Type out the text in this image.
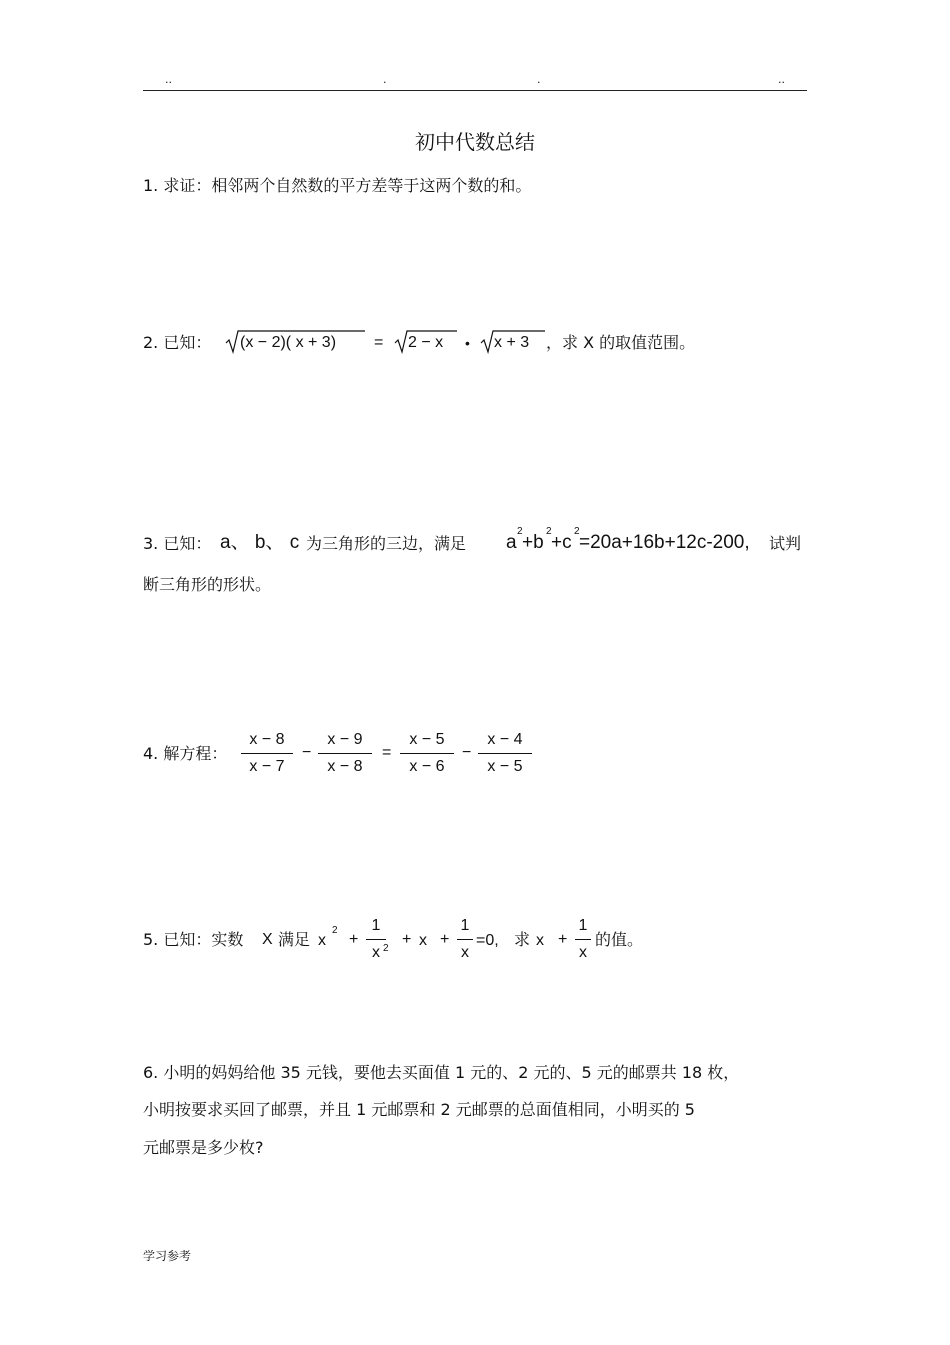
..	.	.	..
初中代数总结
1. 求证：相邻两个自然数的平方差等于这两个数的和。
2. 已知： (x − 2)( x + 3) = 2 − x • x + 3 ，求 X 的取值范围。
3. 已知： a、 b、 c 为三角形的三边，满足 a
2
+b
2
+c
2
=20a+16b+12c-200, 试判
断三角形的形状。
4. 解方程：
x − 8
x − 7
−
x − 9
x − 8
=
x − 5
x − 6
−
x − 4
x − 5
5. 已知：实数 X 满足 x
2
+
1
x 2
+ x +
1
x
=0, 求 x +
1
x
的值。
6. 小明的妈妈给他 35 元钱，要他去买面值 1 元的、2 元的、5 元的邮票共 18 枚，
小明按要求买回了邮票，并且 1 元邮票和 2 元邮票的总面值相同，小明买的 5
元邮票是多少枚?
学习参考
